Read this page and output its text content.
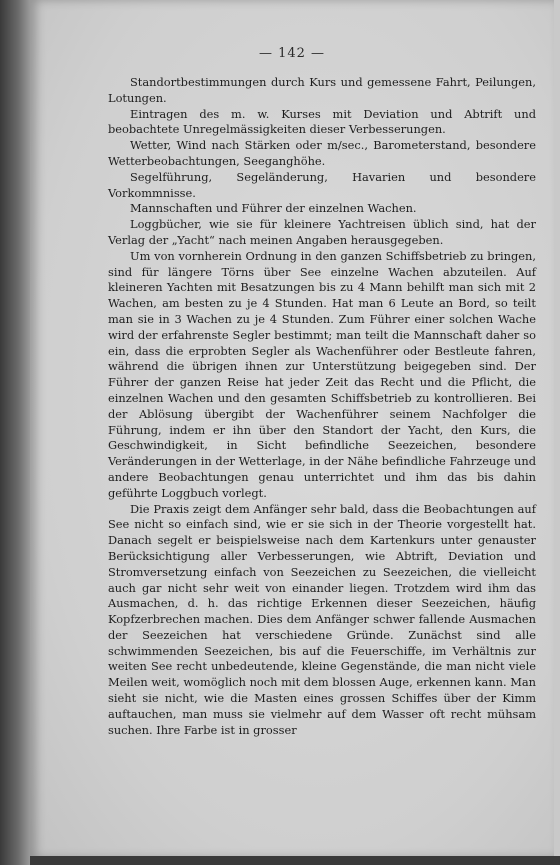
— 142 —

Standortbestimmungen durch Kurs und gemessene Fahrt, Peilungen, Lotungen.

Eintragen des m. w. Kurses mit Deviation und Abtrift und beobachtete Unregelmässigkeiten dieser Verbesserungen.

Wetter, Wind nach Stärken oder m/sec., Barometerstand, besondere Wetterbeobachtungen, Seeganghöhe.

Segelführung, Segeländerung, Havarien und besondere Vorkommnisse.

Mannschaften und Führer der einzelnen Wachen.

Loggbücher, wie sie für kleinere Yachtreisen üblich sind, hat der Verlag der „Yacht“ nach meinen Angaben herausgegeben.

Um von vornherein Ordnung in den ganzen Schiffsbetrieb zu bringen, sind für längere Törns über See einzelne Wachen abzuteilen. Auf kleineren Yachten mit Besatzungen bis zu 4 Mann behilft man sich mit 2 Wachen, am besten zu je 4 Stunden. Hat man 6 Leute an Bord, so teilt man sie in 3 Wachen zu je 4 Stunden. Zum Führer einer solchen Wache wird der erfahrenste Segler bestimmt; man teilt die Mannschaft daher so ein, dass die erprobten Segler als Wachenführer oder Bestleute fahren, während die übrigen ihnen zur Unterstützung beigegeben sind. Der Führer der ganzen Reise hat jeder Zeit das Recht und die Pflicht, die einzelnen Wachen und den gesamten Schiffsbetrieb zu kontrollieren. Bei der Ablösung übergibt der Wachenführer seinem Nachfolger die Führung, indem er ihn über den Standort der Yacht, den Kurs, die Geschwindigkeit, in Sicht befindliche Seezeichen, besondere Veränderungen in der Wetterlage, in der Nähe befindliche Fahrzeuge und andere Beobachtungen genau unterrichtet und ihm das bis dahin geführte Loggbuch vorlegt.

Die Praxis zeigt dem Anfänger sehr bald, dass die Beobachtungen auf See nicht so einfach sind, wie er sie sich in der Theorie vorgestellt hat. Danach segelt er beispielsweise nach dem Kartenkurs unter genauster Berücksichtigung aller Verbesserungen, wie Abtrift, Deviation und Stromversetzung einfach von Seezeichen zu Seezeichen, die vielleicht auch gar nicht sehr weit von einander liegen. Trotzdem wird ihm das Ausmachen, d. h. das richtige Erkennen dieser Seezeichen, häufig Kopfzerbrechen machen. Dies dem Anfänger schwer fallende Ausmachen der Seezeichen hat verschiedene Gründe. Zunächst sind alle schwimmenden Seezeichen, bis auf die Feuerschiffe, im Verhältnis zur weiten See recht unbedeutende, kleine Gegenstände, die man nicht viele Meilen weit, womöglich noch mit dem blossen Auge, erkennen kann. Man sieht sie nicht, wie die Masten eines grossen Schiffes über der Kimm auftauchen, man muss sie vielmehr auf dem Wasser oft recht mühsam suchen. Ihre Farbe ist in grosser
